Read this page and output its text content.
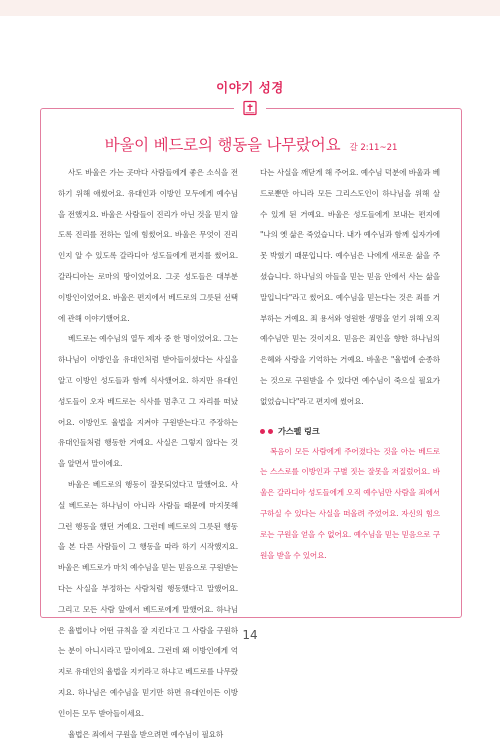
이야기 성경
바울이 베드로의 행동을 나무랐어요 갈 2:11~21

사도 바울은 가는 곳마다 사람들에게 좋은 소식을 전하기 위해 애썼어요. 유대인과 이방인 모두에게 예수님을 전했지요. 바울은 사람들이 진리가 아닌 것을 믿지 않도록 진리를 전하는 일에 힘썼어요. 바울은 무엇이 진리인지 알 수 있도록 갈라디아 성도들에게 편지를 썼어요. 갈라디아는 로마의 땅이었어요. 그곳 성도들은 대부분 이방인이었어요. 바울은 편지에서 베드로의 그릇된 선택에 관해 이야기했어요.

베드로는 예수님의 열두 제자 중 한 명이었어요. 그는 하나님이 이방인을 유대인처럼 받아들이셨다는 사실을 알고 이방인 성도들과 함께 식사했어요. 하지만 유대인 성도들이 오자 베드로는 식사를 멈추고 그 자리를 떠났어요. 이방인도 율법을 지켜야 구원받는다고 주장하는 유대인들처럼 행동한 거예요. 사실은 그렇지 않다는 것을 알면서 말이에요.

바울은 베드로의 행동이 잘못되었다고 말했어요. 사실 베드로는 하나님이 아니라 사람들 때문에 마지못해 그런 행동을 했던 거예요. 그런데 베드로의 그릇된 행동을 본 다른 사람들이 그 행동을 따라 하기 시작했지요. 바울은 베드로가 마치 예수님을 믿는 믿음으로 구원받는다는 사실을 부정하는 사람처럼 행동했다고 말했어요. 그리고 모든 사람 앞에서 베드로에게 말했어요. 하나님은 율법이나 어떤 규칙을 잘 지킨다고 그 사람을 구원하는 분이 아니시라고 말이에요. 그런데 왜 이방인에게 억지로 유대인의 율법을 지키라고 하냐고 베드로를 나무랐지요. 하나님은 예수님을 믿기만 하면 유대인이든 이방인이든 모두 받아들이세요.

율법은 죄에서 구원을 받으려면 예수님이 필요하

다는 사실을 깨닫게 해 주어요. 예수님 덕분에 바울과 베드로뿐만 아니라 모든 그리스도인이 하나님을 위해 살 수 있게 된 거예요. 바울은 성도들에게 보내는 편지에 "나의 옛 삶은 죽었습니다. 내가 예수님과 함께 십자가에 못 박혔기 때문입니다. 예수님은 나에게 새로운 삶을 주셨습니다. 하나님의 아들을 믿는 믿음 안에서 사는 삶을 말입니다"라고 썼어요. 예수님을 믿는다는 것은 죄를 거부하는 거예요. 죄 용서와 영원한 생명을 얻기 위해 오직 예수님만 믿는 것이지요. 믿음은 죄인을 향한 하나님의 은혜와 사랑을 기억하는 거예요. 바울은 "율법에 순종하는 것으로 구원받을 수 있다면 예수님이 죽으실 필요가 없었습니다"라고 편지에 썼어요.

가스펠 링크

복음이 모든 사람에게 주어졌다는 것을 아는 베드로는 스스로를 이방인과 구별 짓는 잘못을 저질렀어요. 바울은 갈라디아 성도들에게 오직 예수님만 사람을 죄에서 구하실 수 있다는 사실을 떠올려 주었어요. 자신의 힘으로는 구원을 얻을 수 없어요. 예수님을 믿는 믿음으로 구원을 받을 수 있어요.

14
